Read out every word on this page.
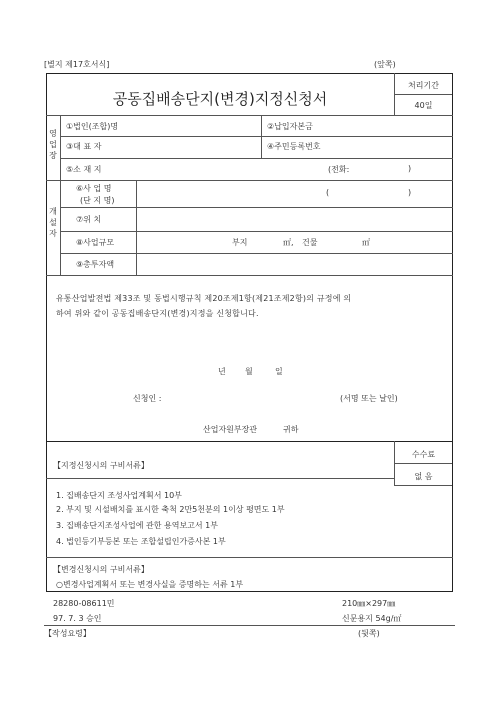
[별지 제17호서식]	(앞쪽)
공동집배송단지(변경)지정신청서
처리기간
40일
영
업
장
①법인(조합)명	②납입자본금
③대 표 자	④주민등록번호
⑤소 재 지	(전화:	)
개
설
자
⑥사 업 명
(단 지 명)
(	)
⑦위 치
⑧사업규모	부지	㎡, 건물	㎡
⑨총투자액
유통산업발전법 제33조 및 동법시행규칙 제20조제1항(제21조제2항)의 규정에 의
하여 위와 같이 공동집배송단지(변경)지정을 신청합니다.
년 월	일
신청인 :	(서명 또는 날인)
산업자원부장관	귀하
수수료
없 음
【지정신청시의 구비서류】
1. 집배송단지 조성사업계획서 10부
2. 부지 및 시설배치를 표시한 축척 2만5천분의 1이상 평면도 1부
3. 집배송단지조성사업에 관한 용역보고서 1부
4. 법인등기부등본 또는 조합설립인가증사본 1부
【변경신청시의 구비서류】
○변경사업계획서 또는 변경사실을 증명하는 서류 1부
28280-08611민	210㎜×297㎜
97. 7. 3 승인	신문용지 54g/㎡
【작성요령】	(뒷쪽)
